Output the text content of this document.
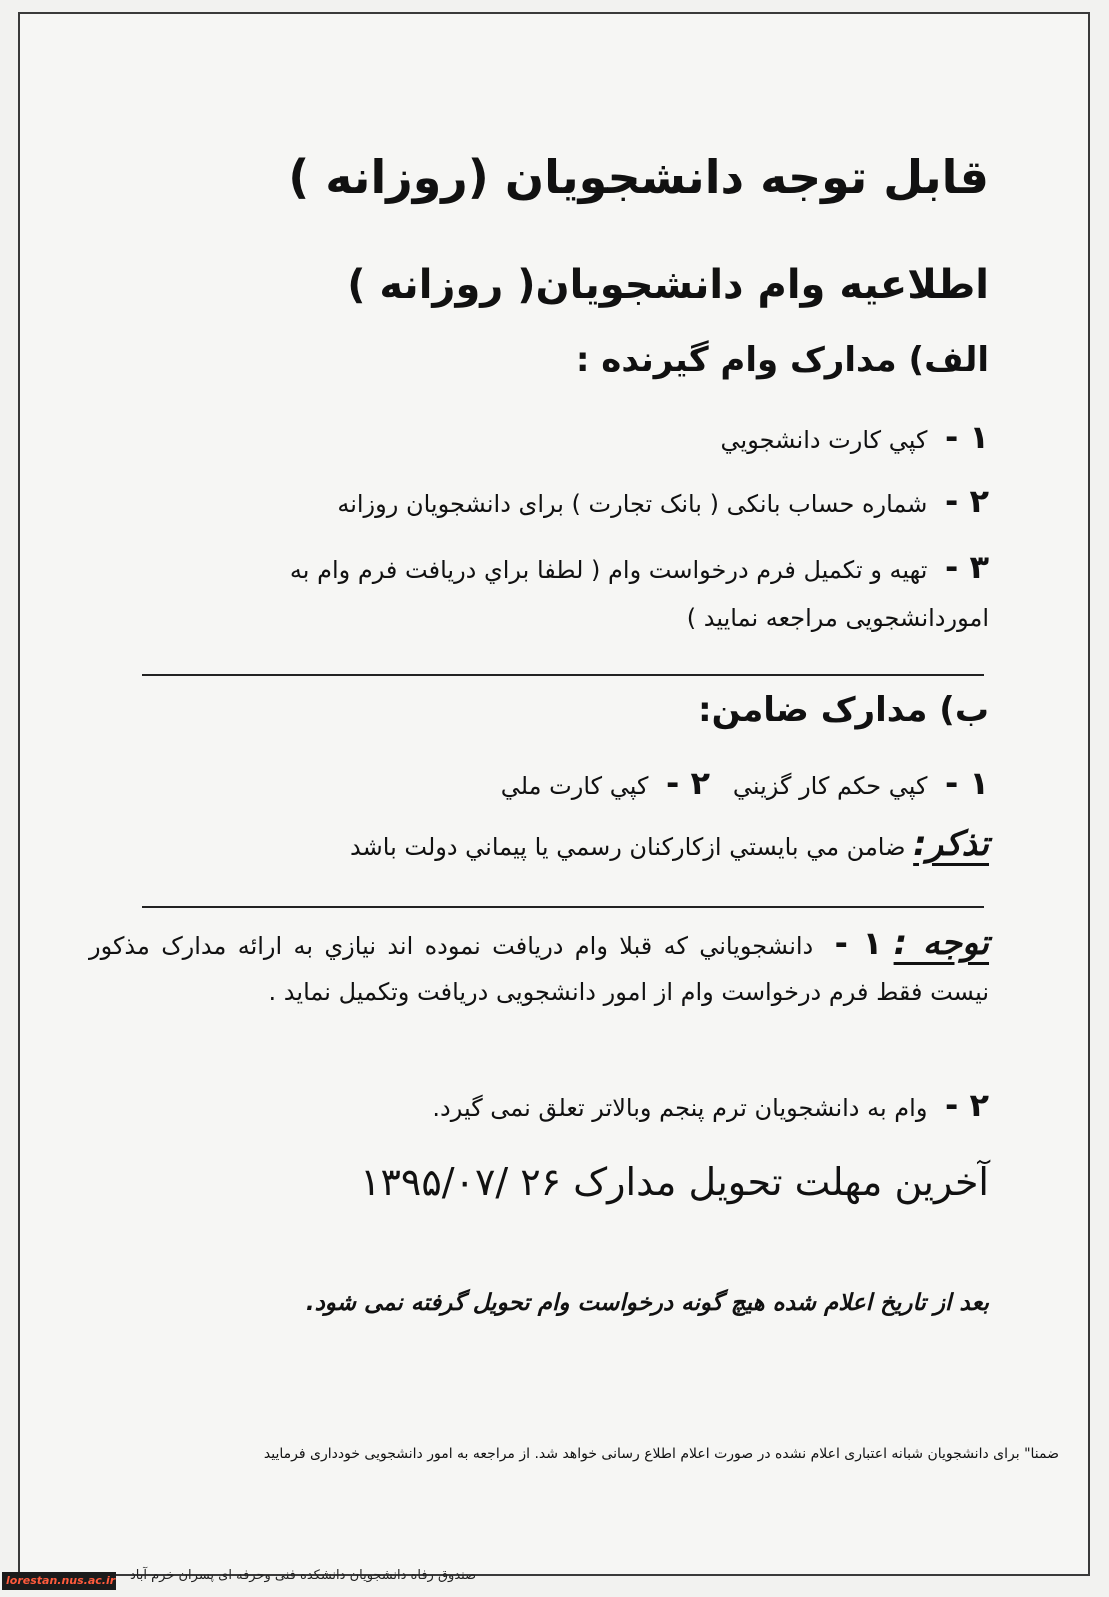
قابل توجه دانشجويان (روزانه )
اطلاعيه وام دانشجويان( روزانه )
الف) مدارک وام گيرنده :
۱ - كپي كارت دانشجويي
۲ - شماره حساب بانکی ( بانک تجارت ) برای دانشجويان روزانه
۳ - تهيه و تکميل فرم درخواست وام ( لطفا براي دريافت فرم وام به
اموردانشجويی مراجعه نماييد )
ب) مدارک ضامن:
۱ - كپي حكم كار گزيني   ۲ - كپي كارت ملي
تذكر: ضامن مي بايستي ازكاركنان رسمي يا پيماني دولت باشد
توجه : ۱ - دانشجوياني كه قبلا وام دريافت نموده اند نيازي به ارائه مدارک مذکور نيست فقط فرم درخواست وام از امور دانشجويی دريافت وتكميل نمايد .
۲ - وام به دانشجويان ترم پنجم وبالاتر تعلق نمی گيرد.
آخرين مهلت تحويل مدارک ۲۶ /۱۳۹۵/۰۷
بعد از تاريخ اعلام شده هيچ گونه درخواست وام تحويل گرفته نمی شود.
ضمنا" برای دانشجويان شبانه اعتباری اعلام نشده در صورت اعلام اطلاع رسانی خواهد شد. از مراجعه به امور دانشجويی خودداری فرماييد
صندوق رفاه دانشجويان دانشکده فنی وحرفه ای پسران خرم آباد
lorestan.nus.ac.ir
